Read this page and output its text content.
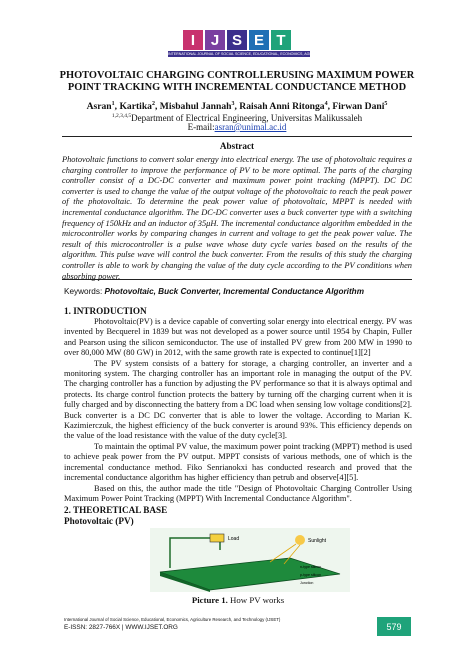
I	J S E T
INTERNATIONAL JOURNAL OF SOCIAL SCIENCE, EDUCATIONAL, ECONOMICS, AGRICULTURE RESEARCH AND TECHNOLOGY
PHOTOVOLTAIC CHARGING CONTROLLERUSING MAXIMUM POWER
POINT TRACKING WITH INCREMENTAL CONDUCTANCE METHOD
Asran$^1$, Kartika$^2$, Misbahul Jannah$^3$, Raisah Anni Ritonga$^4$, Firwan Dani$^5$
$^{1,2,3,4,5}$Department of Electrical Engineering, Universitas Malikussaleh
E-mail:asran@unimal.ac.id
Abstract
Photovoltaic functions to convert solar energy into electrical energy. The use of photovoltaic requires a charging controller to improve the performance of PV to be more optimal. The parts of the charging controller consist of a DC-DC converter and maximum power point tracking (MPPT). DC DC converter is used to change the value of the output voltage of the photovoltaic to reach the peak power of the photovoltaic. To determine the peak power value of photovoltaic, MPPT is needed with incremental conductance algorithm. The DC-DC converter uses a buck converter type with a switching frequency of 150kHz and an inductor of 35μH. The incremental conductance algorithm embedded in the microcontroller works by comparing changes in current and voltage to get the peak power value. The result of this microcontroller is a pulse wave whose duty cycle varies based on the results of the algorithm. This pulse wave will control the buck converter. From the results of this study the charging controller is able to work by changing the value of the duty cycle according to the PV conditions when absorbing power.
Keywords: Photovoltaic, Buck Converter, Incremental Conductance Algorithm
1. INTRODUCTION

Photovoltaic(PV) is a device capable of converting solar energy into electrical energy. PV was invented by Becquerel in 1839 but was not developed as a power source until 1954 by Chapin, Fuller and Pearson using the silicon semiconductor. The use of installed PV grew from 200 MW in 1990 to over 80,000 MW (80 GW) in 2012, with the same growth rate is expected to continue[1][2]

The PV system consists of a battery for storage, a charging controller, an inverter and a monitoring system. The charging controller has an important role in managing the output of the PV. The charging controller has a function by adjusting the PV performance so that it is always optimal and protects. Its charge control function protects the battery by turning off the charging current when it is fully charged and by disconnecting the battery from a DC load when sensing low voltage conditions[2]. Buck converter is a DC DC converter that is able to lower the voltage. According to Marian K. Kazimierczuk, the highest efficiency of the buck converter is around 93%. This efficiency depends on the value of the load resistance with the value of the duty cycle[3].

To maintain the optimal PV value, the maximum power point tracking (MPPT) method is used to achieve peak power from the PV output. MPPT consists of various methods, one of which is the incremental conductance method. Fiko Senrianokxi has conducted research and proved that the incremental conductance algorithm has higher efficiency than petrub and observe[4][5].

Based on this, the author made the title "Design of Photovoltaic Charging Controller Using Maximum Power Point Tracking (MPPT) With Incremental Conductance Algorithm".

2. THEORETICAL BASE
Photovoltaic (PV)
Load	Sunlight
n-type silicon
p-type silicon
Junction
Picture 1. How PV works
International Journal of Social Science, Educational, Economics, Agriculture Research, and Technology (IJSET)
E-ISSN: 2827-766X | WWW.IJSET.ORG	579
